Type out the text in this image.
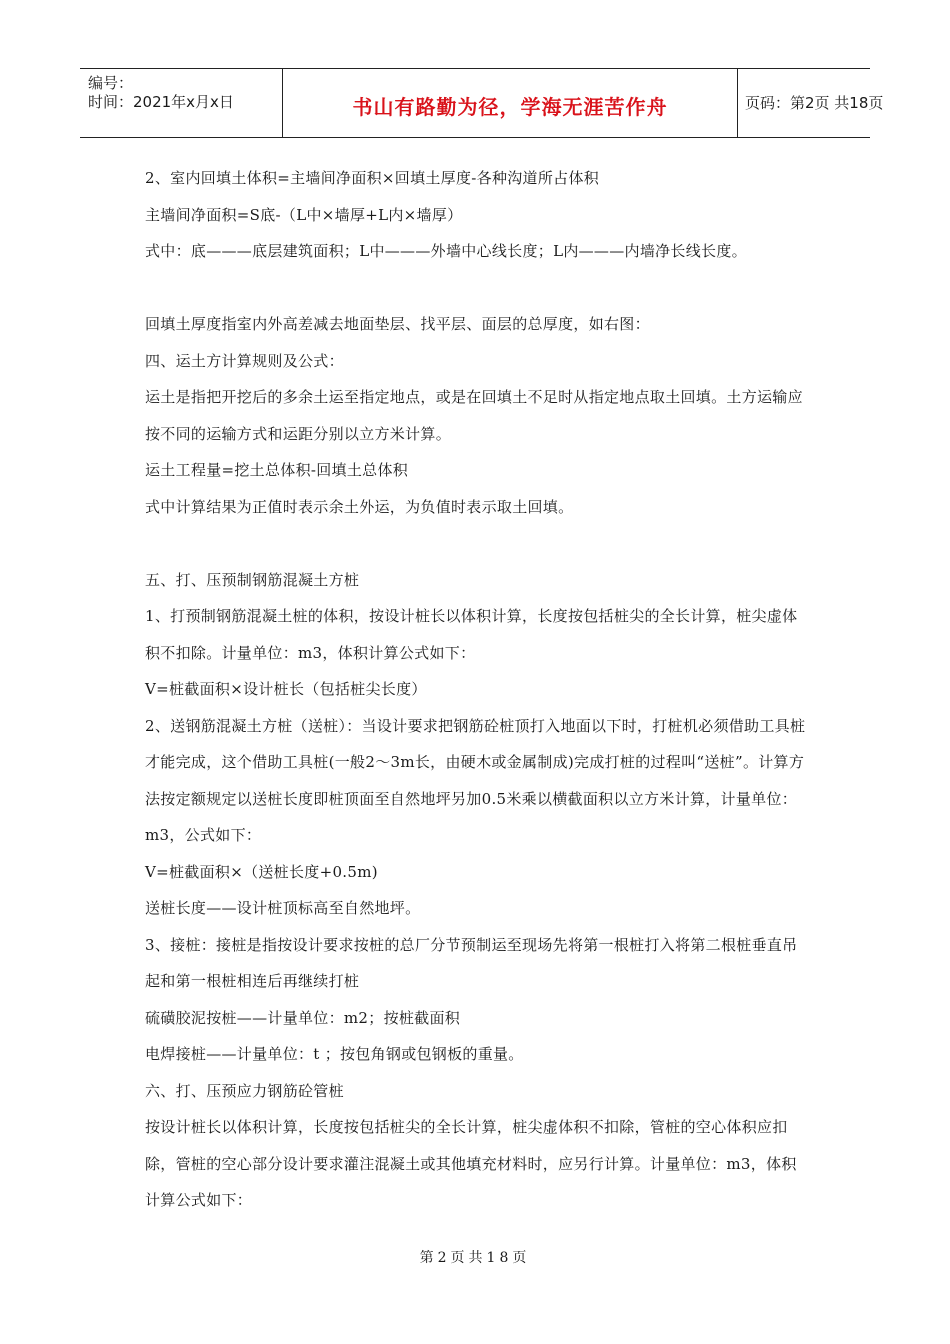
编号：
时间：2021年x月x日	书山有路勤为径，学海无涯苦作舟	页码：第2页 共18页

2、室内回填土体积=主墙间净面积×回填土厚度-各种沟道所占体积

主墙间净面积=S底-（L中×墙厚+L内×墙厚）

式中：底———底层建筑面积；L中———外墙中心线长度；L内———内墙净长线长度。

回填土厚度指室内外高差减去地面垫层、找平层、面层的总厚度，如右图：

四、运土方计算规则及公式：

运土是指把开挖后的多余土运至指定地点，或是在回填土不足时从指定地点取土回填。土方运输应按不同的运输方式和运距分别以立方米计算。

运土工程量=挖土总体积-回填土总体积

式中计算结果为正值时表示余土外运，为负值时表示取土回填。

五、打、压预制钢筋混凝土方桩

1、打预制钢筋混凝土桩的体积，按设计桩长以体积计算，长度按包括桩尖的全长计算，桩尖虚体积不扣除。计量单位：m3，体积计算公式如下：

V=桩截面积×设计桩长（包括桩尖长度）

2、送钢筋混凝土方桩（送桩）：当设计要求把钢筋砼桩顶打入地面以下时，打桩机必须借助工具桩才能完成，这个借助工具桩(一般2～3m长，由硬木或金属制成)完成打桩的过程叫“送桩”。计算方法按定额规定以送桩长度即桩顶面至自然地坪另加0.5米乘以横截面积以立方米计算，计量单位：m3，公式如下：

V=桩截面积×（送桩长度+0.5m)

送桩长度——设计桩顶标高至自然地坪。

3、接桩：接桩是指按设计要求按桩的总厂分节预制运至现场先将第一根桩打入将第二根桩垂直吊起和第一根桩相连后再继续打桩

硫磺胶泥按桩——计量单位：m2；按桩截面积

电焊接桩——计量单位：t ；按包角钢或包钢板的重量。

六、打、压预应力钢筋砼管桩

按设计桩长以体积计算，长度按包括桩尖的全长计算，桩尖虚体积不扣除，管桩的空心体积应扣除，管桩的空心部分设计要求灌注混凝土或其他填充材料时，应另行计算。计量单位：m3，体积计算公式如下：

第2页共18页
